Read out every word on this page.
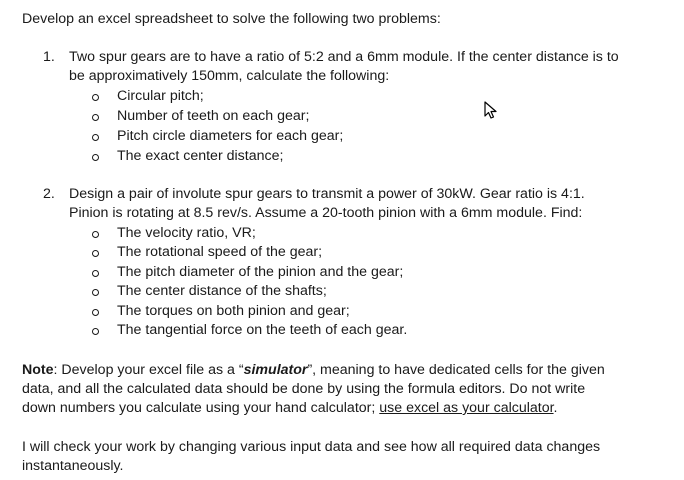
Develop an excel spreadsheet to solve the following two problems:
1. Two spur gears are to have a ratio of 5:2 and a 6mm module. If the center distance is to
be approximatively 150mm, calculate the following:
Circular pitch;
Number of teeth on each gear;
Pitch circle diameters for each gear;
The exact center distance;
2. Design a pair of involute spur gears to transmit a power of 30kW. Gear ratio is 4:1.
Pinion is rotating at 8.5 rev/s. Assume a 20-tooth pinion with a 6mm module. Find:
The velocity ratio, VR;
The rotational speed of the gear;
The pitch diameter of the pinion and the gear;
The center distance of the shafts;
The torques on both pinion and gear;
The tangential force on the teeth of each gear.
Note: Develop your excel file as a “simulator”, meaning to have dedicated cells for the given
data, and all the calculated data should be done by using the formula editors. Do not write
down numbers you calculate using your hand calculator; use excel as your calculator.
I will check your work by changing various input data and see how all required data changes
instantaneously.
